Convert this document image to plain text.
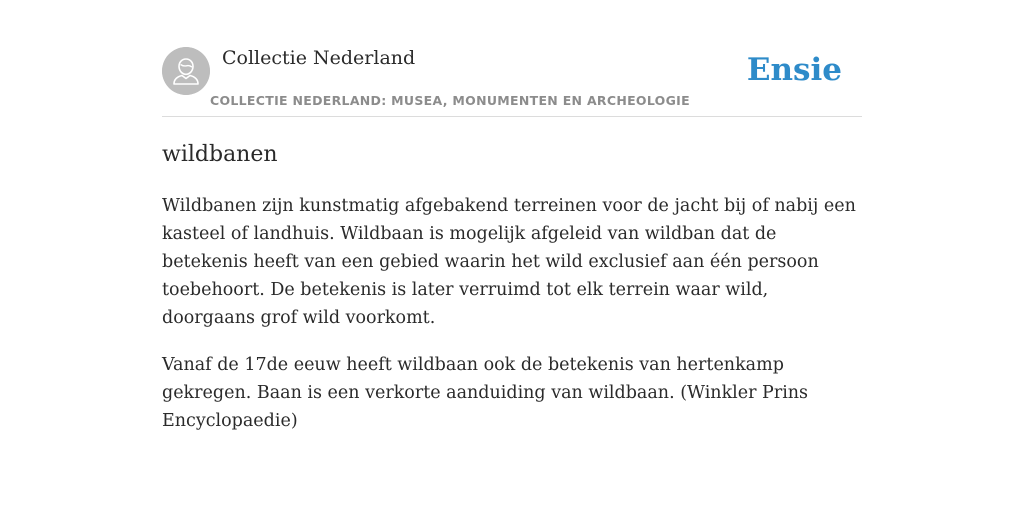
Collectie Nederland
COLLECTIE NEDERLAND: MUSEA, MONUMENTEN EN ARCHEOLOGIE
Ensie
wildbanen

Wildbanen zijn kunstmatig afgebakend terreinen voor de jacht bij of nabij een kasteel of landhuis. Wildbaan is mogelijk afgeleid van wildban dat de betekenis heeft van een gebied waarin het wild exclusief aan één persoon toebehoort. De betekenis is later verruimd tot elk terrein waar wild, doorgaans grof wild voorkomt.

Vanaf de 17de eeuw heeft wildbaan ook de betekenis van hertenkamp gekregen. Baan is een verkorte aanduiding van wildbaan. (Winkler Prins Encyclopaedie)
